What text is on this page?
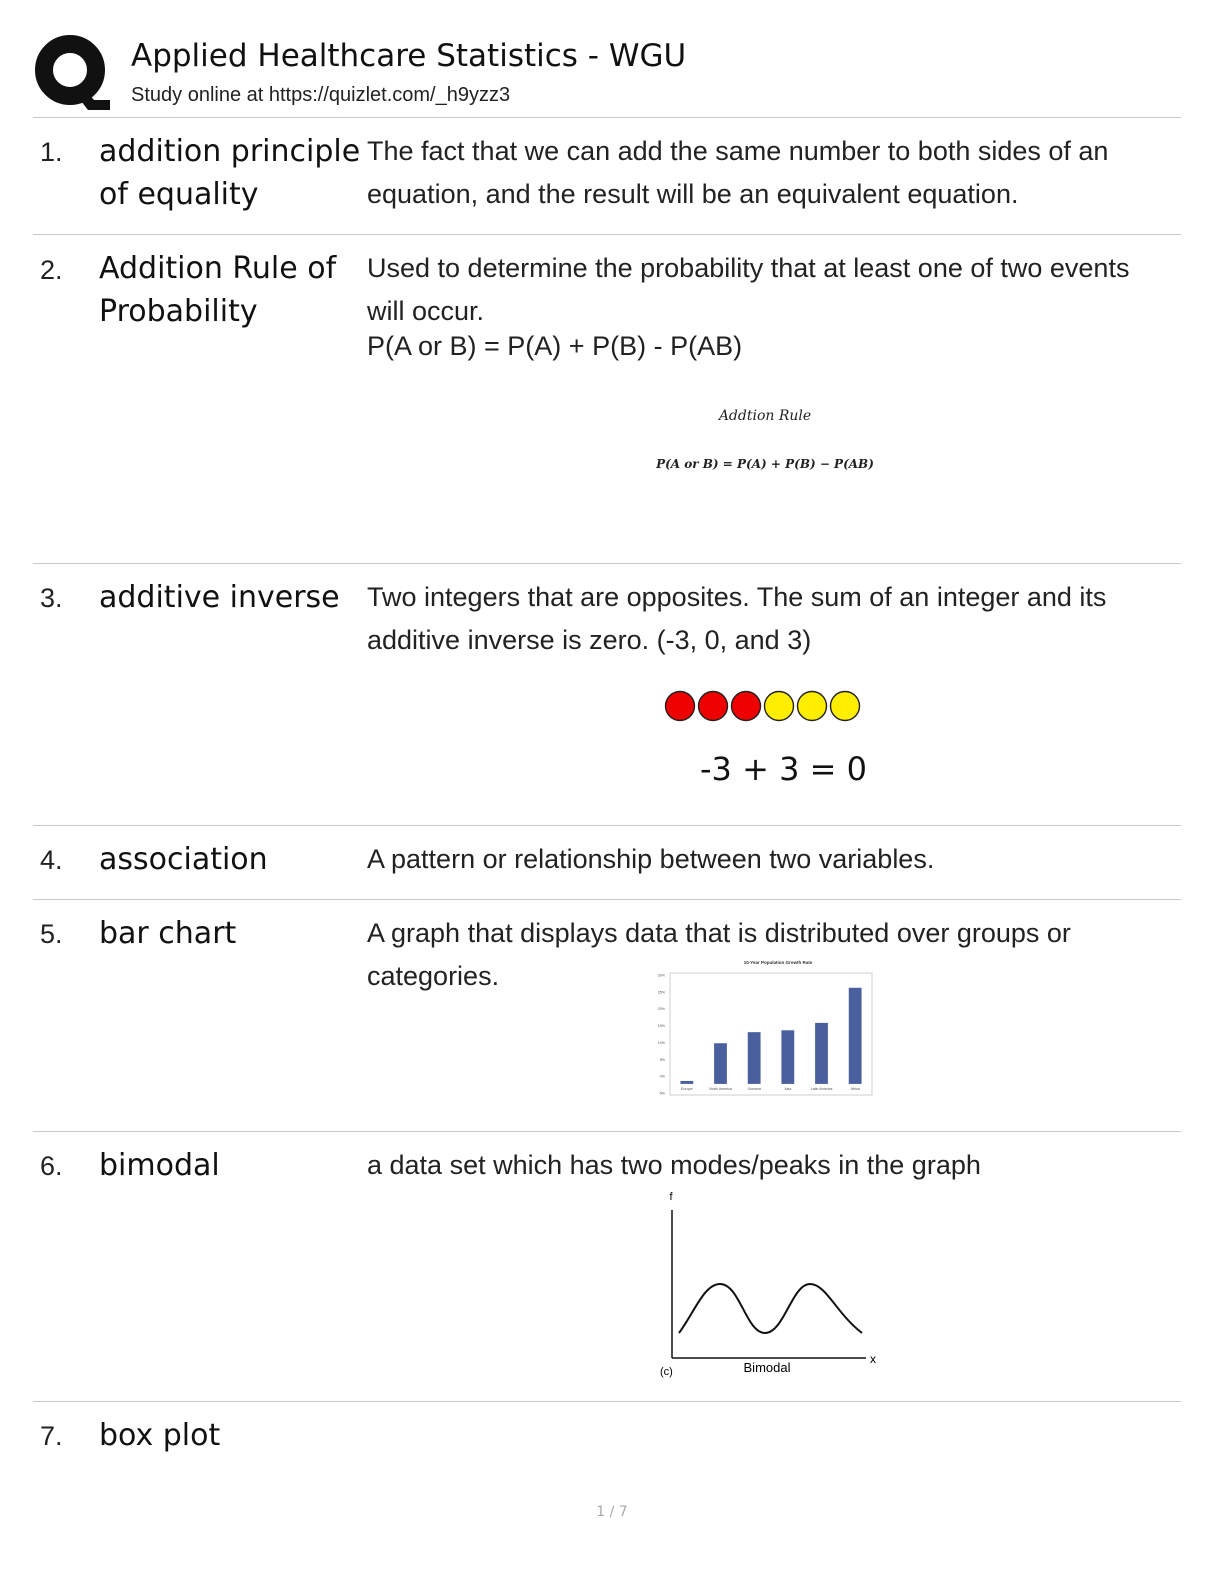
Applied Healthcare Statistics - WGU
Study online at https://quizlet.com/_h9yzz3
1. addition principle of equality
The fact that we can add the same number to both sides of an equation, and the result will be an equivalent equation.
2. Addition Rule of Probability
Used to determine the probability that at least one of two events will occur.
P(A or B) = P(A) + P(B) - P(AB)
Addtion Rule
P(A or B) = P(A) + P(B) − P(AB)
3. additive inverse	Two integers that are opposites. The sum of an integer and its additive inverse is zero. (-3, 0, and 3)
-3 + 3 = 0
4. association	A pattern or relationship between two variables.
5. bar chart	A graph that displays data that is distributed over groups or categories.	10-Year Population Growth Rate
30%
25%
20%
15%
10%
5%
0%
-5%
Europe	North America	Oceania	Asia	Latin America	Africa
6. bimodal	a data set which has two modes/peaks in the graph
f
x
(c)	Bimodal
7. box plot
1 / 7
